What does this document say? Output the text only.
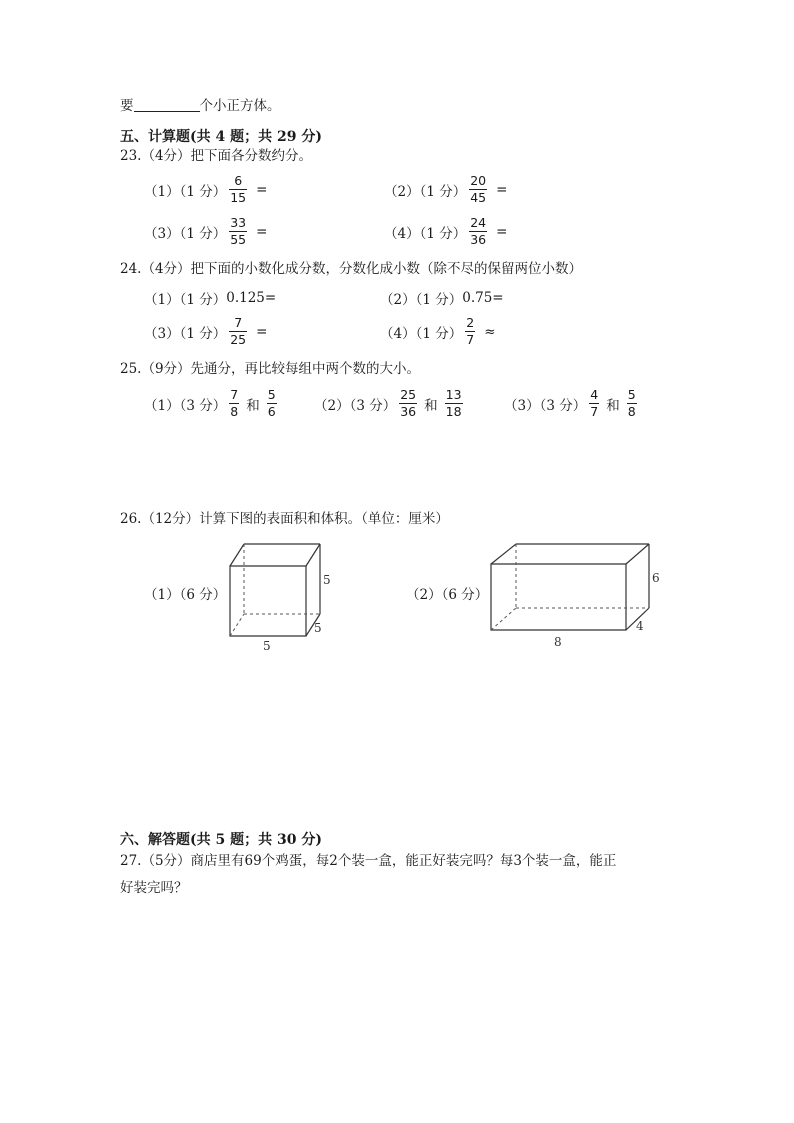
要	个小正方体。
五、计算题(共 4 题；共 29 分)
23.（4分）把下面各分数约分。
（1）（1 分） $\frac{6}{15}$ =	（2）（1 分） $\frac{20}{45}$ =
（3）（1 分） $\frac{33}{55}$ =	（4）（1 分） $\frac{24}{36}$ =
24.（4分）把下面的小数化成分数，分数化成小数（除不尽的保留两位小数）
（1）（1 分） 0.125=	（2）（1 分） 0.75=
（3）（1 分） $\frac{7}{25}$ =	（4）（1 分） $\frac{2}{7}$ ≈
25.（9分）先通分，再比较每组中两个数的大小。
（1）（3 分） $\frac{7}{8}$ 和 $\frac{5}{6}$	（2）（3 分） $\frac{25}{36}$ 和 $\frac{13}{18}$	（3）（3 分） $\frac{4}{7}$ 和 $\frac{5}{8}$
26.（12分）计算下图的表面积和体积。（单位：厘米）
（1）（6 分）
5
5
5
（2）（6 分）
6
4
8
六、解答题(共 5 题；共 30 分)
27.（5分）商店里有69个鸡蛋，每2个装一盒，能正好装完吗？每3个装一盒，能正
好装完吗？
